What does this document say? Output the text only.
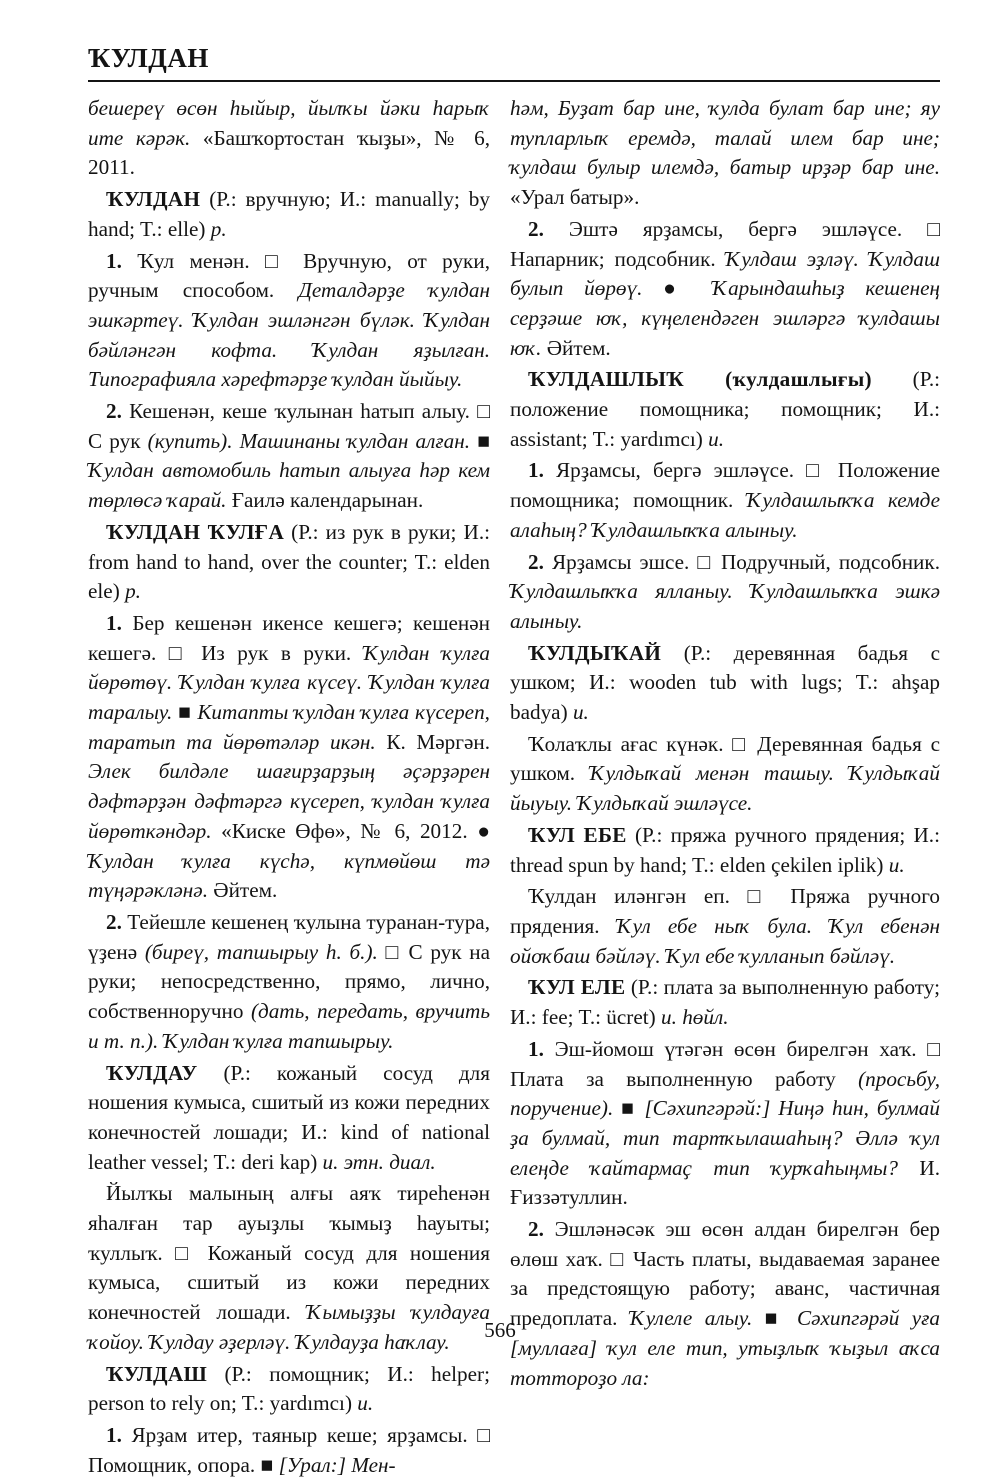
ҠУЛДАН

бешереү өсөн һыйыр, йылҡы йәки һарыҡ ите кәрәк. «Башҡортостан ҡыҙы», № 6, 2011.

ҠУЛДАН (Р.: вручную; И.: manually; by hand; T.: elle) р.

1. Ҡул менән. □ Вручную, от руки, ручным способом. Деталдәрҙе ҡулдан эшкәртеү. Ҡулдан эшләнгән бүләк. Ҡулдан бәйләнгән кофта. Ҡулдан яҙылған. Типографияла хәрефтәрҙе ҡулдан йыйыу.

2. Кешенән, кеше ҡулынан һатып алыу. □ С рук (купить). Машинаны ҡулдан алған. ■ Ҡулдан автомобиль һатып алыуға һәр кем төрлөсә ҡарай. Ғаилә календарынан.

ҠУЛДАН ҠУЛҒА (Р.: из рук в руки; И.: from hand to hand, over the counter; T.: elden ele) р.

1. Бер кешенән икенсе кешегә; кешенән кешегә. □ Из рук в руки. Ҡулдан ҡулға йөрөтөү. Ҡулдан ҡулға күсеү. Ҡулдан ҡулға таралыу. ■ Китапты ҡулдан ҡулға күсереп, таратып та йөрөтәләр икән. К. Мәргән. Элек билдәле шағирҙарҙың әҫәрҙәрен дәфтәрҙән дәфтәргә күсереп, ҡулдан ҡулға йөрөткәндәр. «Киске Өфө», № 6, 2012. ● Ҡулдан ҡулға күсһә, күпмөйөш тә түңәрәкләнә. Әйтем.

2. Тейешле кешенең ҡулына туранан-тура, үҙенә (биреү, тапшырыу һ. б.). □ С рук на руки; непосредственно, прямо, лично, собственноручно (дать, передать, вручить и т. п.). Ҡулдан ҡулға тапшырыу.

ҠУЛДАУ (Р.: кожаный сосуд для ношения кумыса, сшитый из кожи передних конечностей лошади; И.: kind of national leather vessel; T.: deri kap) и. этн. диал.

Йылҡы малының алғы аяҡ тиреһенән яһалған тар ауыҙлы ҡымыҙ һауыты; ҡуллыҡ. □ Кожаный сосуд для ношения кумыса, сшитый из кожи передних конечностей лошади. Ҡымыҙҙы ҡулдауға ҡойоу. Ҡулдау әҙерләү. Ҡулдауҙа һаҡлау.

ҠУЛДАШ (Р.: помощник; И.: helper; person to rely on; T.: yardımcı) и.

1. Ярҙам итер, таяныр кеше; ярҙамсы. □ Помощник, опора. ■ [Урал:] Мен-

һәм, Буҙат бар ине, ҡулда булат бар ине; яу тупларлыҡ еремдә, талай илем бар ине; ҡулдаш булыр илемдә, батыр ирҙәр бар ине. «Урал батыр».

2. Эштә ярҙамсы, бергә эшләүсе. □ Напарник; подсобник. Ҡулдаш эҙләү. Ҡулдаш булып йөрөү. ● Ҡарындашһыҙ кешенең серҙәше юҡ, күңелендәген эшләргә ҡулдашы юҡ. Әйтем.

ҠУЛДАШЛЫҠ (ҡулдашлығы) (Р.: положение помощника; помощник; И.: assistant; T.: yardımcı) и.

1. Ярҙамсы, бергә эшләүсе. □ Положение помощника; помощник. Ҡулдашлыҡҡа кемде алаһың? Ҡулдашлыҡҡа алыныу.

2. Ярҙамсы эшсе. □ Подручный, подсобник. Ҡулдашлыҡҡа ялланыу. Ҡулдашлыҡҡа эшкә алыныу.

ҠУЛДЫҠАЙ (Р.: деревянная бадья с ушком; И.: wooden tub with lugs; T.: ahşap badya) и.

Ҡолаҡлы ағас күнәк. □ Деревянная бадья с ушком. Ҡулдыҡай менән ташыу. Ҡулдыҡай йыуыу. Ҡулдыҡай эшләүсе.

ҠУЛ ЕБЕ (Р.: пряжа ручного прядения; И.: thread spun by hand; T.: elden çekilen iplik) и.

Ҡулдан иләнгән еп. □ Пряжа ручного прядения. Ҡул ебе ныҡ була. Ҡул ебенән ойоҡбаш бәйләү. Ҡул ебе ҡулланып бәйләү.

ҠУЛ ЕЛЕ (Р.: плата за выполненную работу; И.: fee; T.: ücret) и. һөйл.

1. Эш-йомош үтәгән өсөн бирелгән хаҡ. □ Плата за выполненную работу (просьбу, поручение). ■ [Сәхипгәрәй:] Ниңә һин, булмай ҙа булмай, тип тартҡылашаһың? Әллә ҡул елеңде ҡайтармаҫ тип ҡурҡаһыңмы? И. Ғиззәтуллин.

2. Эшләнәсәк эш өсөн алдан бирелгән бер өлөш хаҡ. □ Часть платы, выдаваемая заранее за предстоящую работу; аванс, частичная предоплата. Ҡулеле алыу. ■ Сәхипгәрәй уға [муллаға] ҡул еле тип, утыҙлыҡ ҡыҙыл аҡса тоттороҙо ла:

566
